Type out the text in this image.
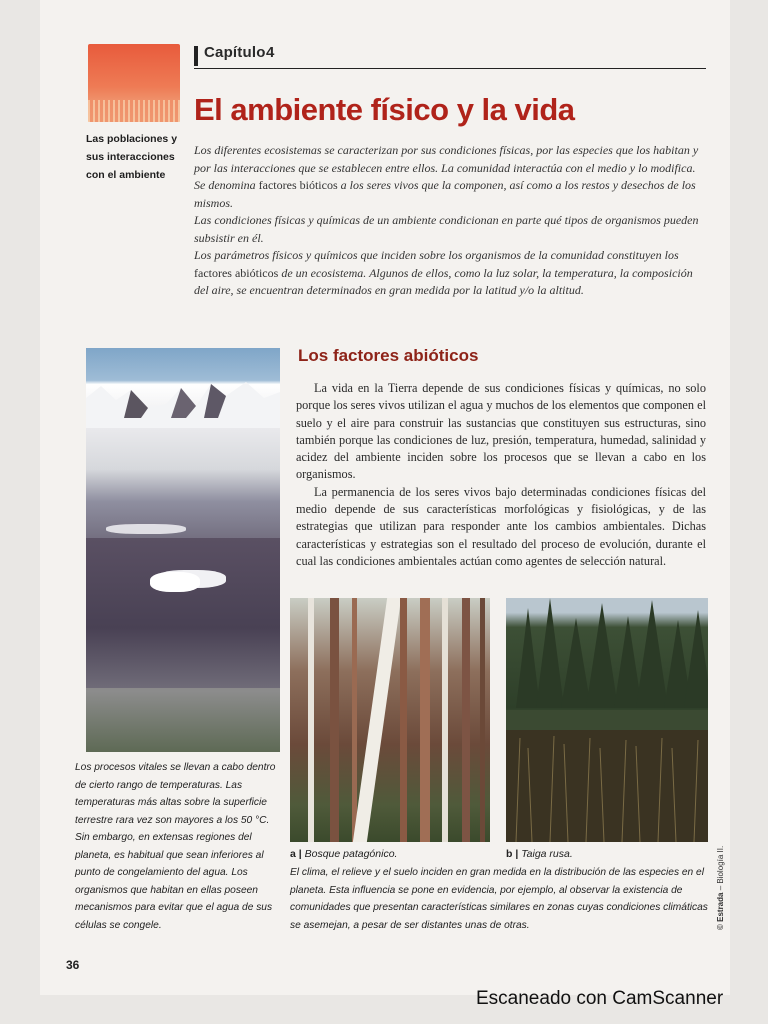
Las poblaciones y sus interacciones con el ambiente
Capítulo 4
El ambiente físico y la vida

Los diferentes ecosistemas se caracterizan por sus condiciones físicas, por las especies que los habitan y por las interacciones que se establecen entre ellos. La comunidad interactúa con el medio y lo modifica. Se denomina factores bióticos a los seres vivos que la componen, así como a los restos y desechos de los mismos.

Las condiciones físicas y químicas de un ambiente condicionan en parte qué tipos de organismos pueden subsistir en él.

Los parámetros físicos y químicos que inciden sobre los organismos de la comunidad constituyen los factores abióticos de un ecosistema. Algunos de ellos, como la luz solar, la temperatura, la composición del aire, se encuentran determinados en gran medida por la latitud y/o la altitud.

Los factores abióticos

La vida en la Tierra depende de sus condiciones físicas y químicas, no solo porque los seres vivos utilizan el agua y muchos de los elementos que componen el suelo y el aire para construir las sustancias que constituyen sus estructuras, sino también porque las condiciones de luz, presión, temperatura, humedad, salinidad y acidez del ambiente inciden sobre los procesos que se llevan a cabo en los organismos.

La permanencia de los seres vivos bajo determinadas condiciones físicas del medio depende de sus características morfológicas y fisiológicas, y de las estrategias que utilizan para responder ante los cambios ambientales. Dichas características y estrategias son el resultado del proceso de evolución, durante el cual las condiciones ambientales actúan como agentes de selección natural.

Los procesos vitales se llevan a cabo dentro de cierto rango de temperaturas. Las temperaturas más altas sobre la superficie terrestre rara vez son mayores a los 50 °C. Sin embargo, en extensas regiones del planeta, es habitual que sean inferiores al punto de congelamiento del agua. Los organismos que habitan en ellas poseen mecanismos para evitar que el agua de sus células se congele.
a | Bosque patagónico.	b | Taiga rusa.
El clima, el relieve y el suelo inciden en gran medida en la distribución de las especies en el planeta. Esta influencia se pone en evidencia, por ejemplo, al observar la existencia de comunidades que presentan características similares en zonas cuyas condiciones climáticas se asemejan, a pesar de ser distantes unas de otras.	© Estrada – Biología II.
36
Escaneado con CamScanner
